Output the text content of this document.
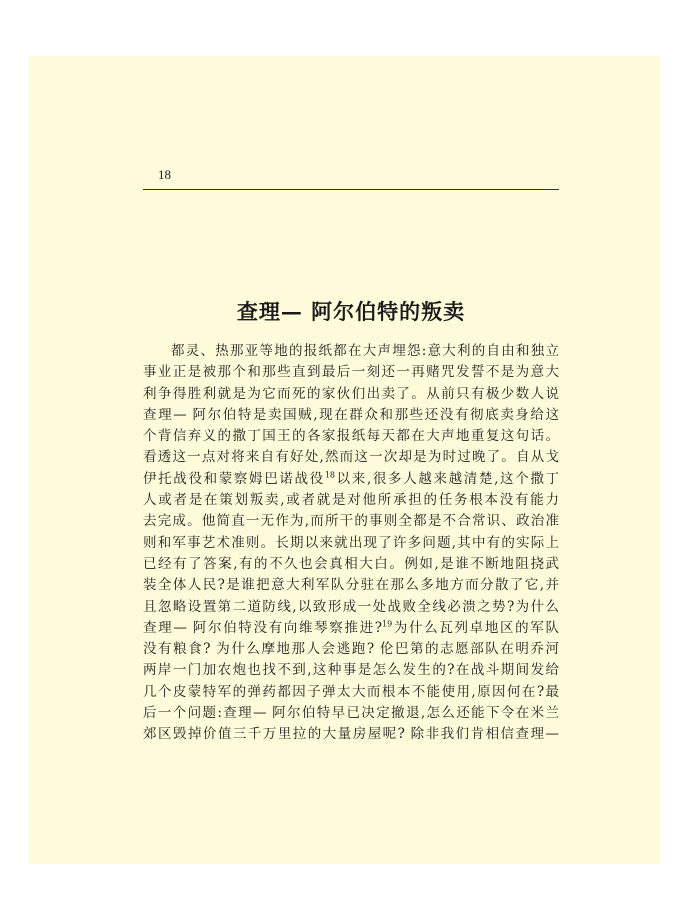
18
查理— 阿尔伯特的叛卖
都灵、热那亚等地的报纸都在大声埋怨:意大利的自由和独立
事业正是被那个和那些直到最后一刻还一再赌咒发誓不是为意大
利争得胜利就是为它而死的家伙们出卖了。从前只有极少数人说
查理— 阿尔伯特是卖国贼,现在群众和那些还没有彻底卖身给这
个背信弃义的撒丁国王的各家报纸每天都在大声地重复这句话。
看透这一点对将来自有好处,然而这一次却是为时过晚了。自从戈
伊托战役和蒙察姆巴诺战役$^{18}$以来,很多人越来越清楚,这个撒丁
人或者是在策划叛卖,或者就是对他所承担的任务根本没有能力
去完成。他简直一无作为,而所干的事则全都是不合常识、政治准
则和军事艺术准则。长期以来就出现了许多问题,其中有的实际上
已经有了答案,有的不久也会真相大白。例如,是谁不断地阻挠武
装全体人民?是谁把意大利军队分驻在那么多地方而分散了它,并
且忽略设置第二道防线,以致形成一处战败全线必溃之势?为什么
查理— 阿尔伯特没有向维琴察推进?$^{19}$为什么瓦列卓地区的军队
没有粮食? 为什么摩地那人会逃跑? 伦巴第的志愿部队在明乔河
两岸一门加农炮也找不到,这种事是怎么发生的?在战斗期间发给
几个皮蒙特军的弹药都因子弹太大而根本不能使用,原因何在?最
后一个问题:查理— 阿尔伯特早已决定撤退,怎么还能下令在米兰
郊区毁掉价值三千万里拉的大量房屋呢? 除非我们肯相信查理—
